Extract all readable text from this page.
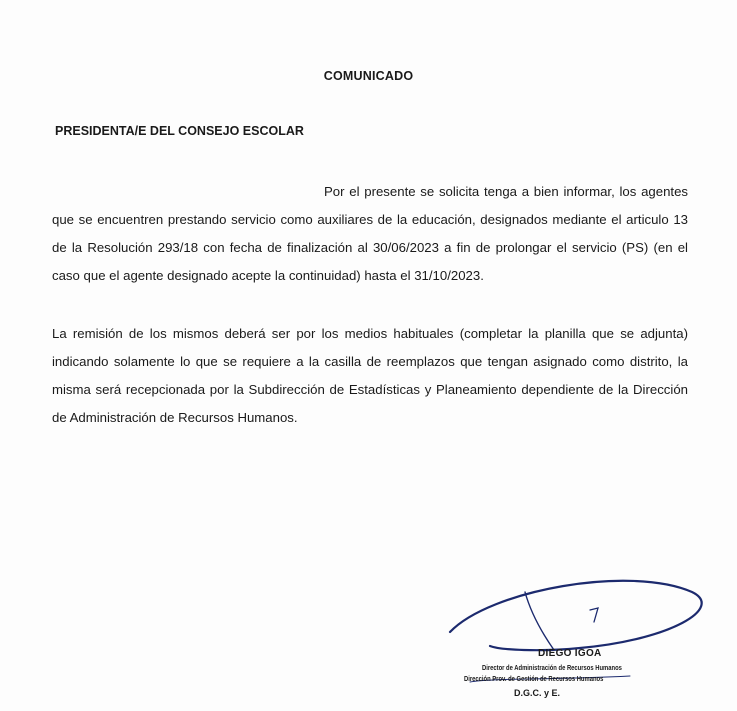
COMUNICADO
PRESIDENTA/E DEL CONSEJO ESCOLAR
Por el presente se solicita tenga a bien informar, los agentes que se encuentren prestando servicio como auxiliares de la educación, designados mediante el articulo 13 de la Resolución 293/18 con fecha de finalización al 30/06/2023 a fin de prolongar el servicio (PS) (en el caso que el agente designado acepte la continuidad) hasta el 31/10/2023.
La remisión de los mismos deberá ser por los medios habituales (completar la planilla que se adjunta) indicando solamente lo que se requiere a la casilla de reemplazos que tengan asignado como distrito, la misma será recepcionada por la Subdirección de Estadísticas y Planeamiento dependiente de la Dirección de Administración de Recursos Humanos.
DIEGO IGOA
Director de Administración de Recursos Humanos
Dirección Prov. de Gestión de Recursos Humanos
D.G.C. y E.
